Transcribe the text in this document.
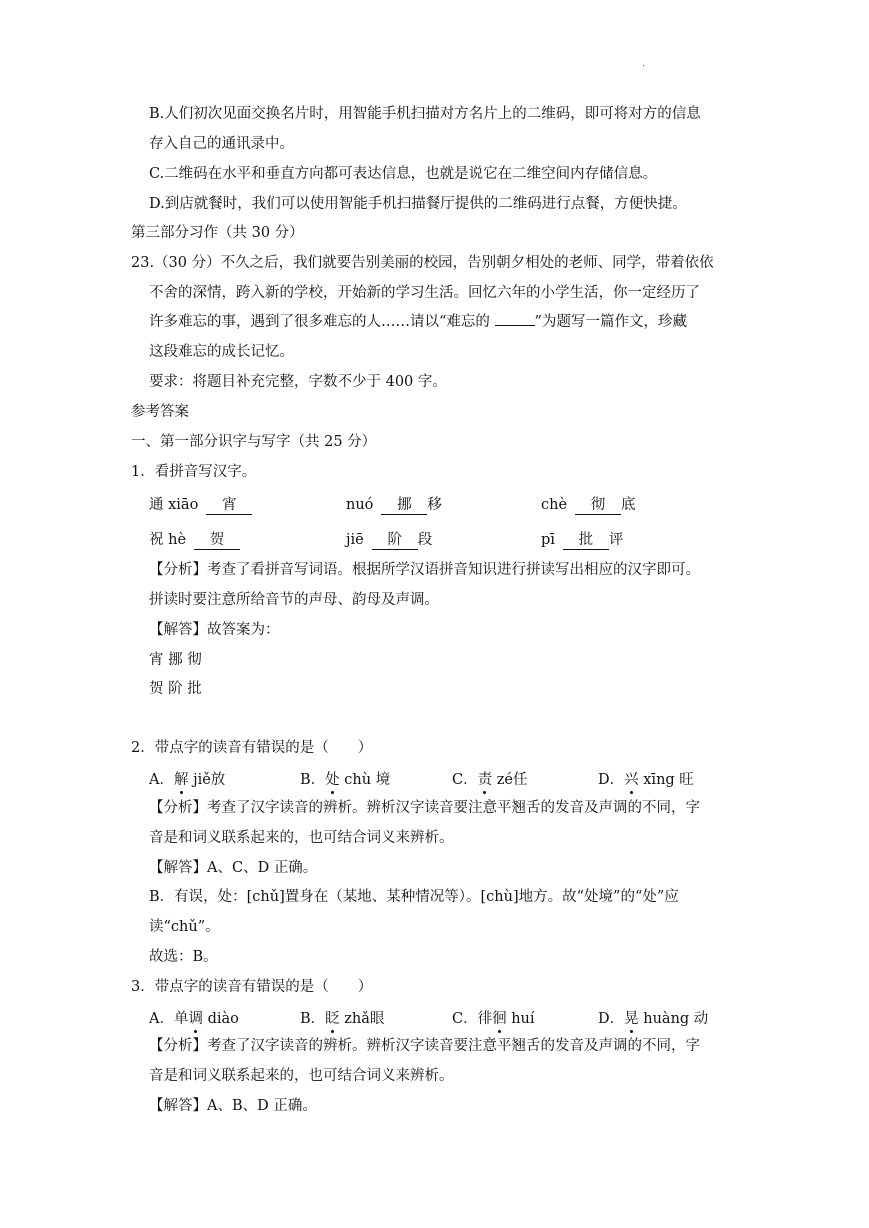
.
B.人们初次见面交换名片时，用智能手机扫描对方名片上的二维码，即可将对方的信息
存入自己的通讯录中。
C.二维码在水平和垂直方向都可表达信息，也就是说它在二维空间内存储信息。
D.到店就餐时，我们可以使用智能手机扫描餐厅提供的二维码进行点餐，方便快捷。
第三部分习作（共 30 分）
23.（30 分）不久之后，我们就要告别美丽的校园，告别朝夕相处的老师、同学，带着依依
不舍的深情，跨入新的学校，开始新的学习生活。回忆六年的小学生活，你一定经历了
许多难忘的事，遇到了很多难忘的人……请以“难忘的	”为题写一篇作文，珍藏
这段难忘的成长记忆。
要求：将题目补充完整，字数不少于 400 字。
参考答案
一、第一部分识字与写字（共 25 分）
1．看拼音写汉字。
通 xiāo 宵	nuó 挪 移	chè 彻 底
祝 hè 贺	jiē 阶 段	pī 批 评
【分析】考查了看拼音写词语。根据所学汉语拼音知识进行拼读写出相应的汉字即可。
拼读时要注意所给音节的声母、韵母及声调。
【解答】故答案为：
宵 挪 彻
贺 阶 批
2．带点字的读音有错误的是（　　）
A．解 jiě放	B．处 chù 境	C．责 zé任	D．兴 xīng 旺
【分析】考查了汉字读音的辨析。辨析汉字读音要注意平翘舌的发音及声调的不同，字
音是和词义联系起来的，也可结合词义来辨析。
【解答】A、C、D 正确。
B．有误，处：[chǔ]置身在（某地、某种情况等）。[chù]地方。故“处境”的“处”应
读“chǔ”。
故选：B。
3．带点字的读音有错误的是（　　）
A．单调 diào	B．眨 zhǎ眼	C．徘徊 huí	D．晃 huàng 动
【分析】考查了汉字读音的辨析。辨析汉字读音要注意平翘舌的发音及声调的不同，字
音是和词义联系起来的，也可结合词义来辨析。
【解答】A、B、D 正确。
